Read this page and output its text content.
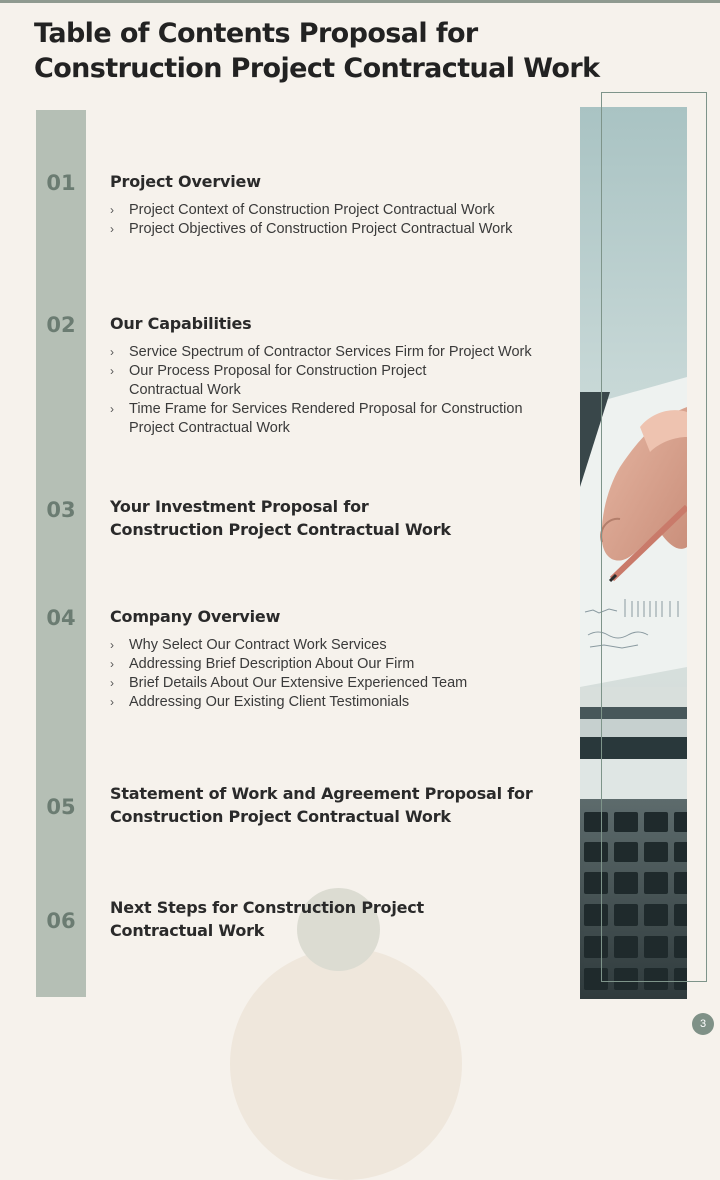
Table of Contents Proposal for Construction Project Contractual Work
01
02
03
04
05
06
Project Overview
› Project Context of Construction Project Contractual Work
› Project Objectives of Construction Project Contractual Work
Our Capabilities
› Service Spectrum of Contractor Services Firm for Project Work
› Our Process Proposal for Construction Project Contractual Work
› Time Frame for Services Rendered Proposal for Construction Project Contractual Work
Your Investment Proposal for Construction Project Contractual Work
Company Overview
› Why Select Our Contract Work Services
› Addressing Brief Description About Our Firm
› Brief Details About Our Extensive Experienced Team
› Addressing Our Existing Client Testimonials
Statement of Work and Agreement Proposal for Construction Project Contractual Work
Next Steps for Construction Project Contractual Work
3
